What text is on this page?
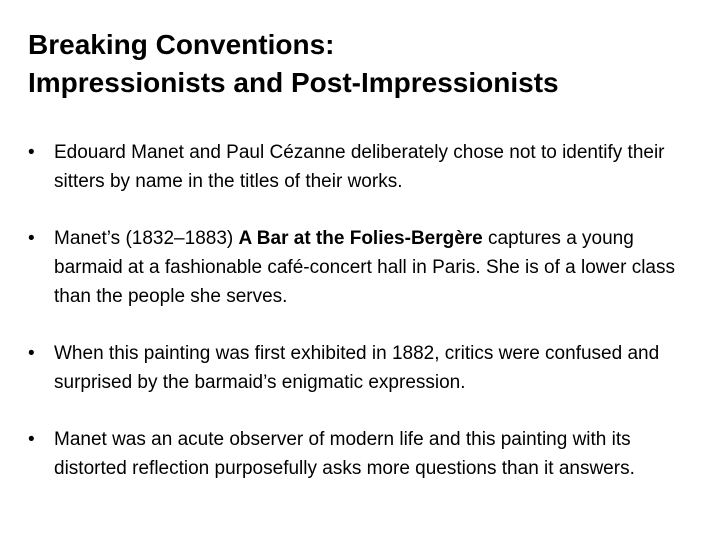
Breaking Conventions:
Impressionists and Post-Impressionists
•	Edouard Manet and Paul Cézanne deliberately chose not to identify their sitters by name in the titles of their works.
•	Manet’s (1832–1883) A Bar at the Folies-Bergère captures a young barmaid at a fashionable café-concert hall in Paris. She is of a lower class than the people she serves.
•	When this painting was first exhibited in 1882, critics were confused and surprised by the barmaid’s enigmatic expression.
•	Manet was an acute observer of modern life and this painting with its distorted reflection purposefully asks more questions than it answers.
